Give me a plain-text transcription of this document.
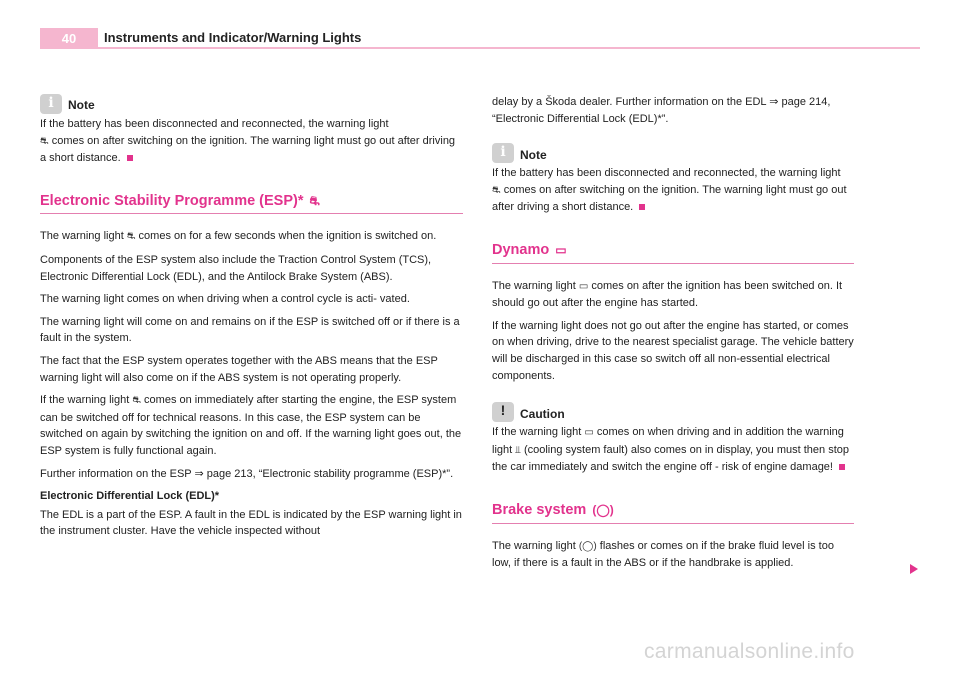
40	Instruments and Indicator/Warning Lights
i
Note

If the battery has been disconnected and reconnected, the warning light
⛐ comes on after switching on the ignition. The warning light must go out after driving a short distance.

Electronic Stability Programme (ESP)* ⛐

The warning light ⛐ comes on for a few seconds when the ignition is switched on.

Components of the ESP system also include the Traction Control System (TCS), Electronic Differential Lock (EDL), and the Antilock Brake System (ABS).

The warning light comes on when driving when a control cycle is acti- vated.

The warning light will come on and remains on if the ESP is switched off or if there is a fault in the system.

The fact that the ESP system operates together with the ABS means that the ESP warning light will also come on if the ABS system is not operating properly.

If the warning light ⛐ comes on immediately after starting the engine, the ESP system can be switched off for technical reasons. In this case, the ESP system can be switched on again by switching the ignition on and off. If the warning light goes out, the ESP system is fully functional again.

Further information on the ESP ⇒ page 213, “Electronic stability programme (ESP)*”.

Electronic Differential Lock (EDL)*

The EDL is a part of the ESP. A fault in the EDL is indicated by the ESP warning light in the instrument cluster. Have the vehicle inspected without

delay by a Škoda dealer. Further information on the EDL ⇒ page 214, “Electronic Differential Lock (EDL)*”.

i
Note

If the battery has been disconnected and reconnected, the warning light
⛐ comes on after switching on the ignition. The warning light must go out after driving a short distance.

Dynamo ▭

The warning light ▭ comes on after the ignition has been switched on. It should go out after the engine has started.

If the warning light does not go out after the engine has started, or comes on when driving, drive to the nearest specialist garage. The vehicle battery will be discharged in this case so switch off all non-essential electrical components.

!
Caution

If the warning light ▭ comes on when driving and in addition the warning light ⫫ (cooling system fault) also comes on in display, you must then stop the car immediately and switch the engine off - risk of engine damage!

Brake system (◯)

The warning light (◯) flashes or comes on if the brake fluid level is too low, if there is a fault in the ABS or if the handbrake is applied.

carmanualsonline.info
